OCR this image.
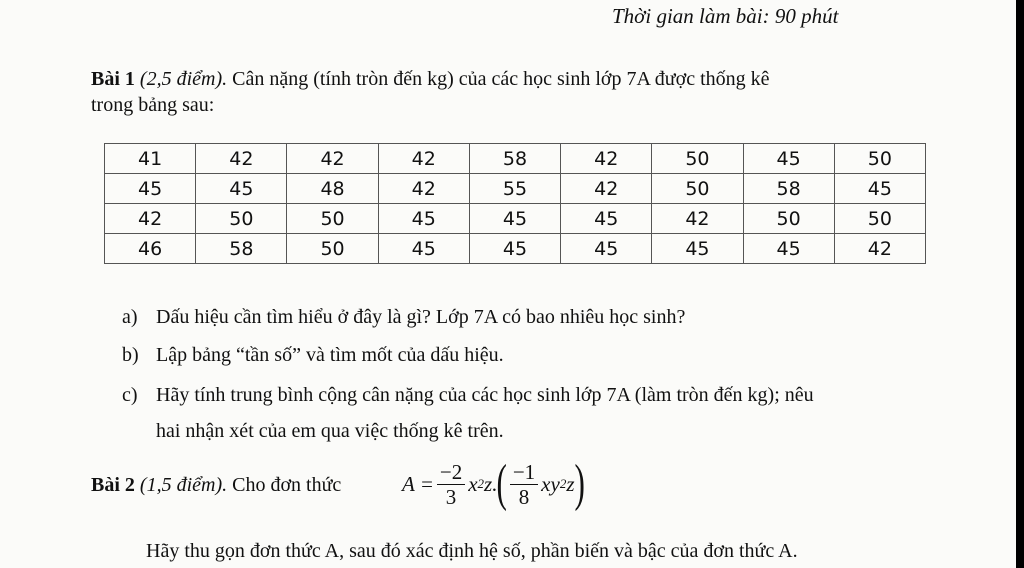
Thời gian làm bài: 90 phút
Bài 1 (2,5 điểm). Cân nặng (tính tròn đến kg) của các học sinh lớp 7A được thống kê
trong bảng sau:
41	42	42	42	58	42	50	45	50
45	45	48	42	55	42	50	58	45
42	50	50	45	45	45	42	50	50
46	58	50	45	45	45	45	45	42
a) Dấu hiệu cần tìm hiểu ở đây là gì? Lớp 7A có bao nhiêu học sinh?
b) Lập bảng “tần số” và tìm mốt của dấu hiệu.
c) Hãy tính trung bình cộng cân nặng của các học sinh lớp 7A (làm tròn đến kg); nêu
hai nhận xét của em qua việc thống kê trên.
Bài 2 (1,5 điểm). Cho đơn thức	$A = \frac{-2}{3}$ x 2 z. ( $\frac{-1}{8}$ xy 2 z )
Hãy thu gọn đơn thức A, sau đó xác định hệ số, phần biến và bậc của đơn thức A.
